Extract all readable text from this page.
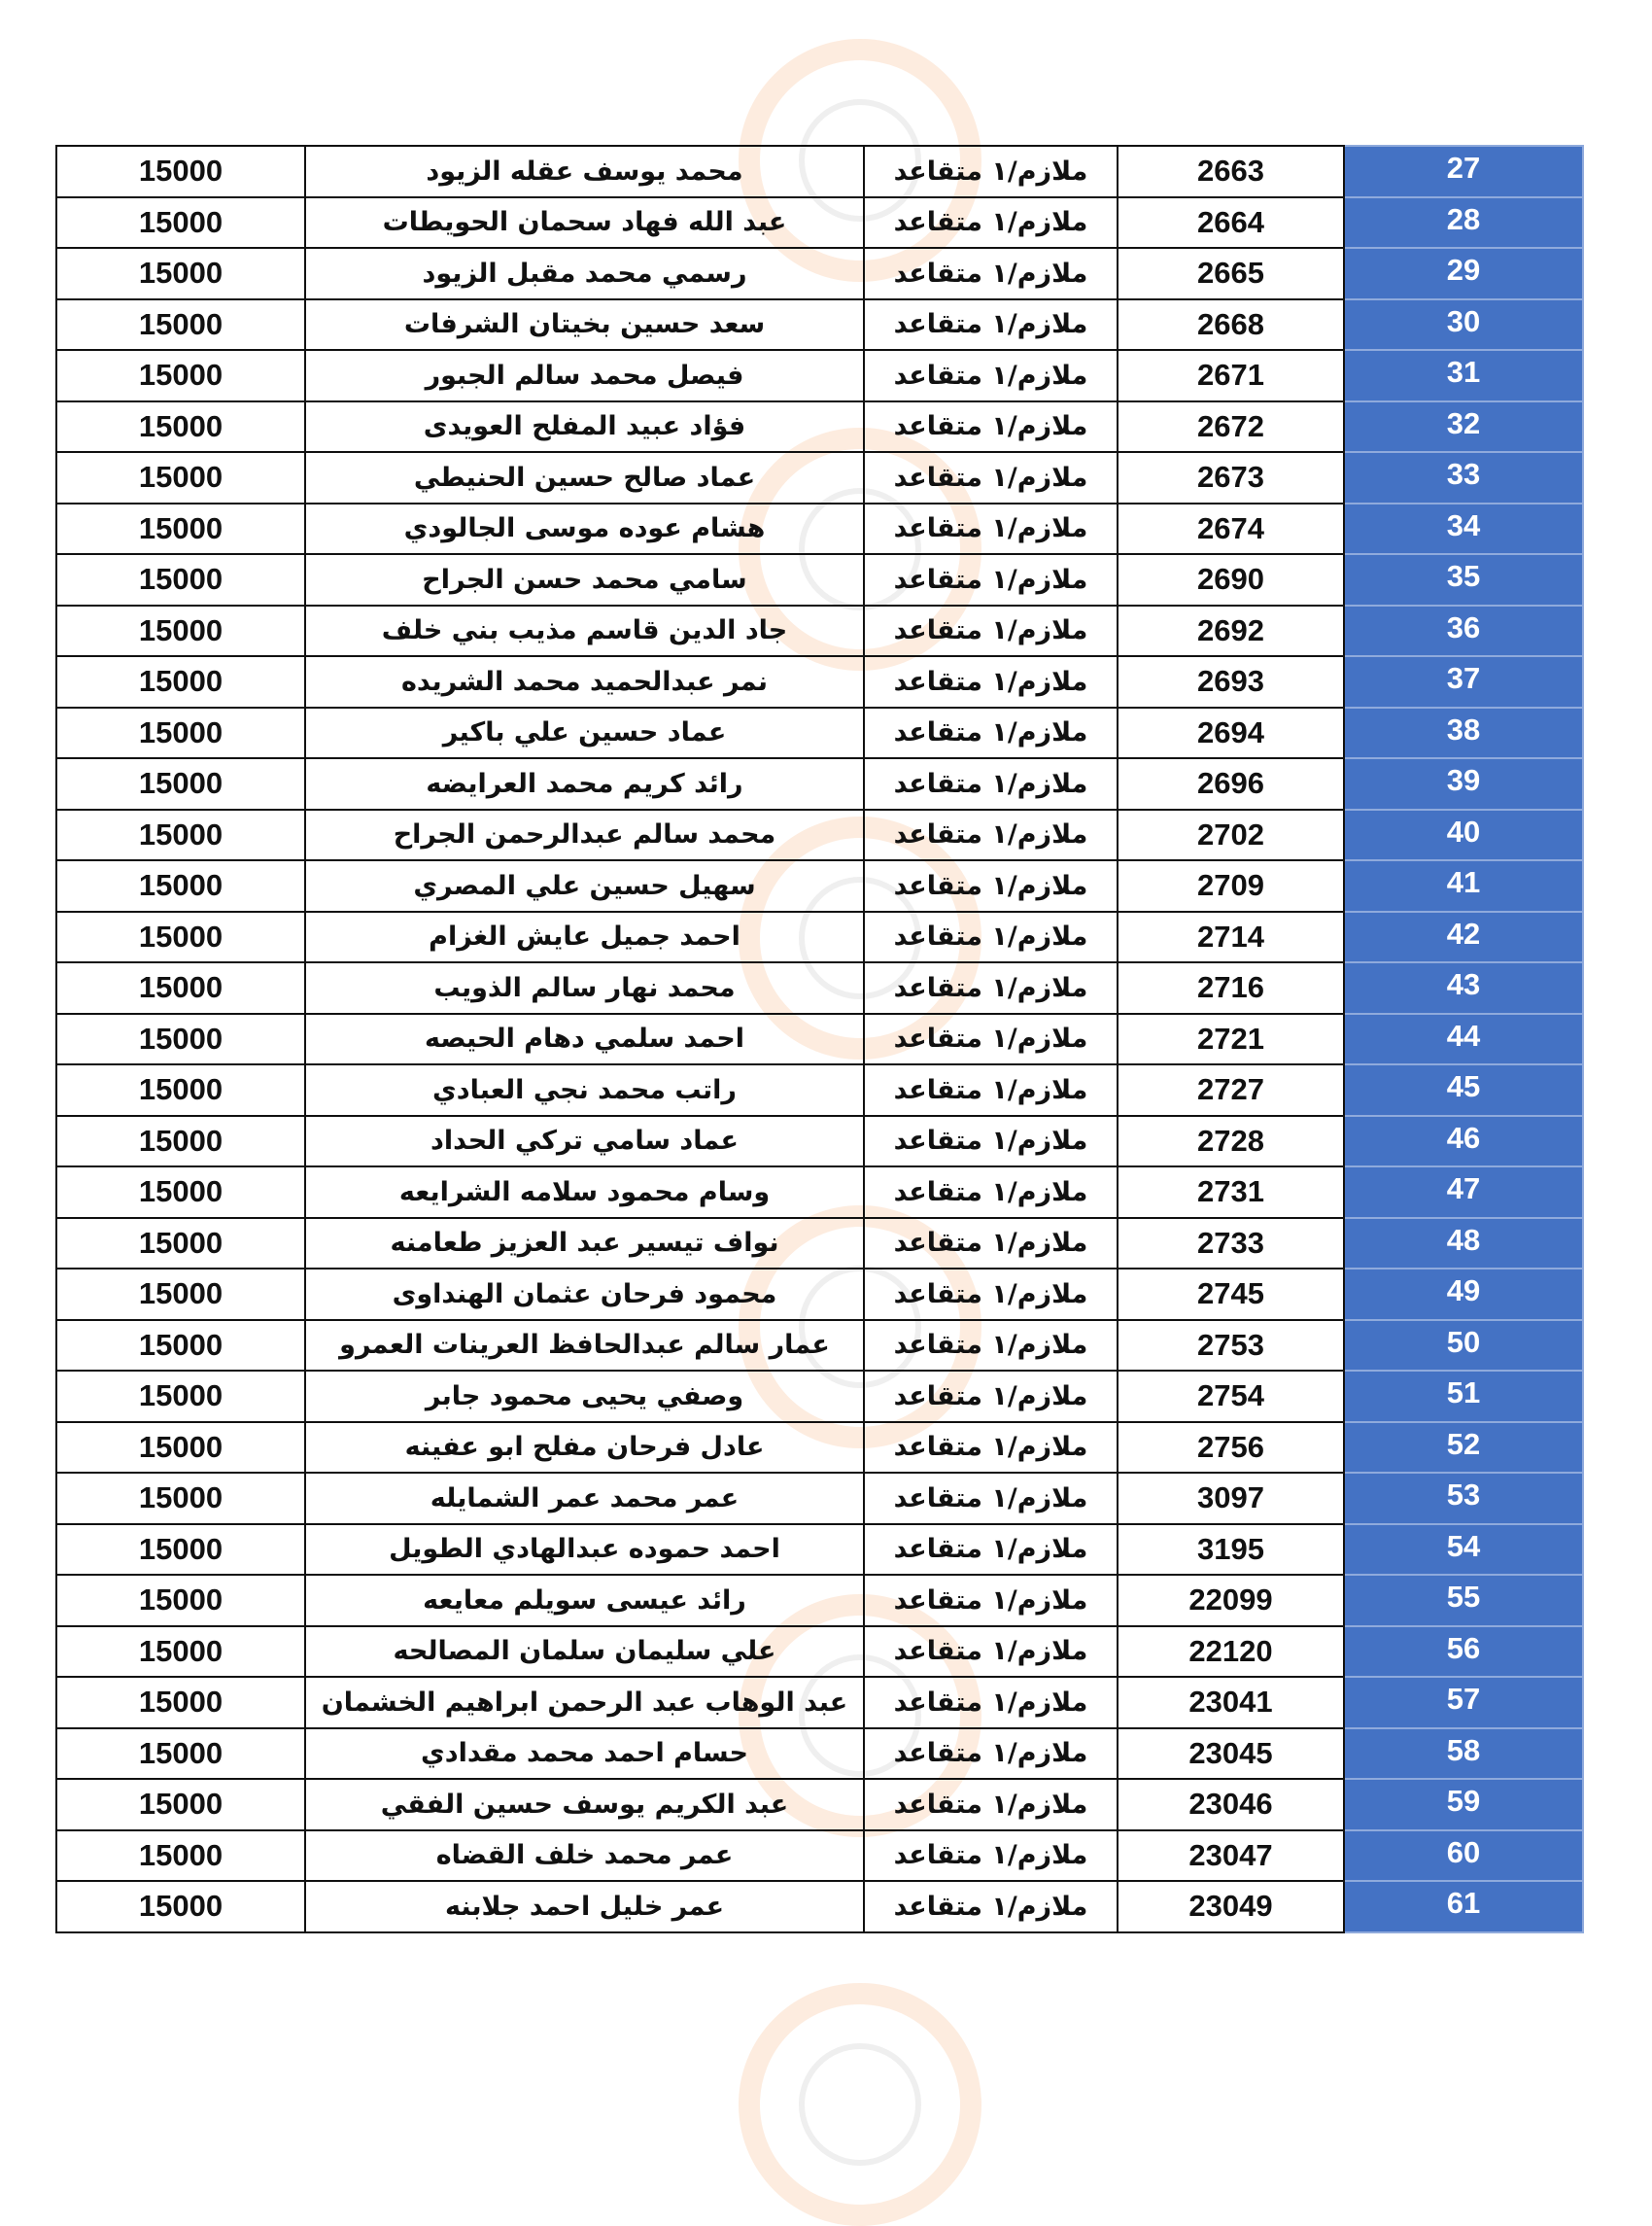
15000	محمد يوسف عقله الزيود	ملازم/١ متقاعد	2663	27
15000	عبد الله فهاد سحمان الحويطات	ملازم/١ متقاعد	2664	28
15000	رسمي محمد مقبل الزيود	ملازم/١ متقاعد	2665	29
15000	سعد حسين بخيتان الشرفات	ملازم/١ متقاعد	2668	30
15000	فيصل محمد سالم الجبور	ملازم/١ متقاعد	2671	31
15000	فؤاد عبيد المفلح العويدى	ملازم/١ متقاعد	2672	32
15000	عماد صالح حسين الحنيطي	ملازم/١ متقاعد	2673	33
15000	هشام عوده موسى الجالودي	ملازم/١ متقاعد	2674	34
15000	سامي محمد حسن الجراح	ملازم/١ متقاعد	2690	35
15000	جاد الدين قاسم مذيب بني خلف	ملازم/١ متقاعد	2692	36
15000	نمر عبدالحميد محمد الشريده	ملازم/١ متقاعد	2693	37
15000	عماد حسين علي باكير	ملازم/١ متقاعد	2694	38
15000	رائد كريم محمد العرايضه	ملازم/١ متقاعد	2696	39
15000	محمد سالم عبدالرحمن الجراح	ملازم/١ متقاعد	2702	40
15000	سهيل حسين علي المصري	ملازم/١ متقاعد	2709	41
15000	احمد جميل عايش الغزام	ملازم/١ متقاعد	2714	42
15000	محمد نهار سالم الذويب	ملازم/١ متقاعد	2716	43
15000	احمد سلمي دهام الحيصه	ملازم/١ متقاعد	2721	44
15000	راتب محمد نجي العبادي	ملازم/١ متقاعد	2727	45
15000	عماد سامي تركي الحداد	ملازم/١ متقاعد	2728	46
15000	وسام محمود سلامه الشرايعه	ملازم/١ متقاعد	2731	47
15000	نواف تيسير عبد العزيز طعامنه	ملازم/١ متقاعد	2733	48
15000	محمود فرحان عثمان الهنداوى	ملازم/١ متقاعد	2745	49
15000	عمار سالم عبدالحافظ العرينات العمرو	ملازم/١ متقاعد	2753	50
15000	وصفي يحيى محمود جابر	ملازم/١ متقاعد	2754	51
15000	عادل فرحان مفلح ابو عفينه	ملازم/١ متقاعد	2756	52
15000	عمر محمد عمر الشمايله	ملازم/١ متقاعد	3097	53
15000	احمد حموده عبدالهادي الطويل	ملازم/١ متقاعد	3195	54
15000	رائد عيسى سويلم معايعه	ملازم/١ متقاعد	22099	55
15000	علي سليمان سلمان المصالحه	ملازم/١ متقاعد	22120	56
15000	عبد الوهاب عبد الرحمن ابراهيم الخشمان	ملازم/١ متقاعد	23041	57
15000	حسام احمد محمد مقدادي	ملازم/١ متقاعد	23045	58
15000	عبد الكريم يوسف حسين الفقي	ملازم/١ متقاعد	23046	59
15000	عمر محمد خلف القضاه	ملازم/١ متقاعد	23047	60
15000	عمر خليل احمد جلابنه	ملازم/١ متقاعد	23049	61
